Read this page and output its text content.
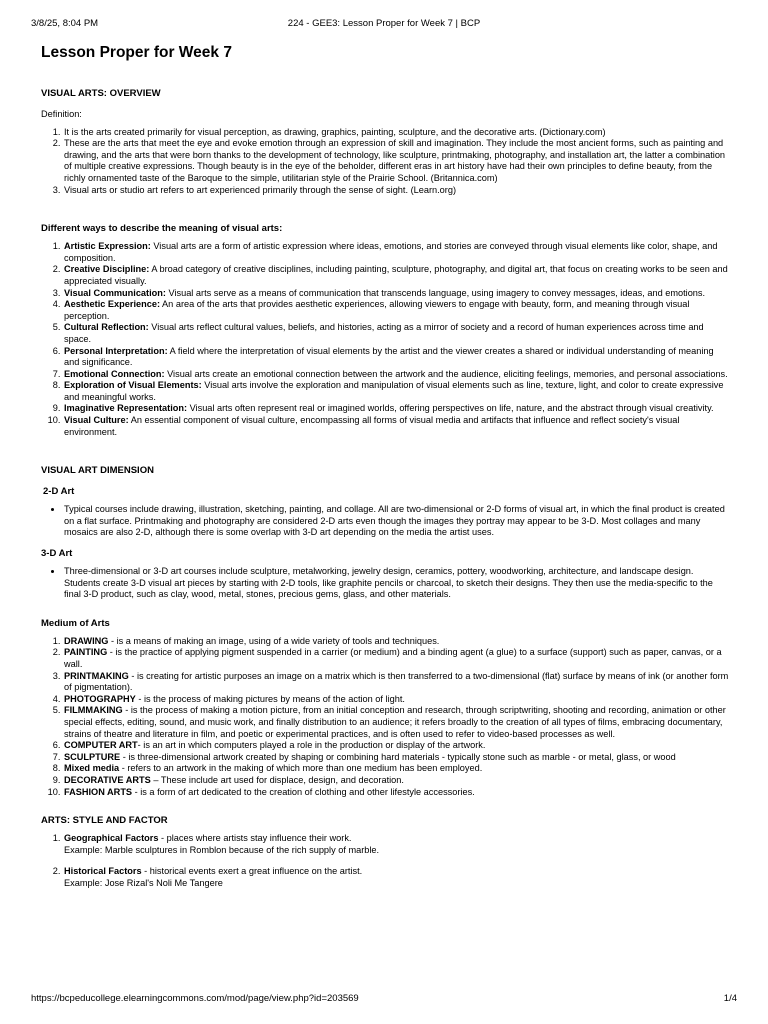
3/8/25, 8:04 PM	224 - GEE3: Lesson Proper for Week 7 | BCP
Lesson Proper for Week 7
VISUAL ARTS: OVERVIEW

Definition:

1. It is the arts created primarily for visual perception, as drawing, graphics, painting, sculpture, and the decorative arts. (Dictionary.com)
2. These are the arts that meet the eye and evoke emotion through an expression of skill and imagination. They include the most ancient forms, such as painting and drawing, and the arts that were born thanks to the development of technology, like sculpture, printmaking, photography, and installation art, the latter a combination of multiple creative expressions. Though beauty is in the eye of the beholder, different eras in art history have had their own principles to define beauty, from the richly ornamented taste of the Baroque to the simple, utilitarian style of the Prairie School. (Britannica.com)
3. Visual arts or studio art refers to art experienced primarily through the sense of sight. (Learn.org)
Different ways to describe the meaning of visual arts:
1. Artistic Expression: Visual arts are a form of artistic expression where ideas, emotions, and stories are conveyed through visual elements like color, shape, and composition.
2. Creative Discipline: A broad category of creative disciplines, including painting, sculpture, photography, and digital art, that focus on creating works to be seen and appreciated visually.
3. Visual Communication: Visual arts serve as a means of communication that transcends language, using imagery to convey messages, ideas, and emotions.
4. Aesthetic Experience: An area of the arts that provides aesthetic experiences, allowing viewers to engage with beauty, form, and meaning through visual perception.
5. Cultural Reflection: Visual arts reflect cultural values, beliefs, and histories, acting as a mirror of society and a record of human experiences across time and space.
6. Personal Interpretation: A field where the interpretation of visual elements by the artist and the viewer creates a shared or individual understanding of meaning and significance.
7. Emotional Connection: Visual arts create an emotional connection between the artwork and the audience, eliciting feelings, memories, and personal associations.
8. Exploration of Visual Elements: Visual arts involve the exploration and manipulation of visual elements such as line, texture, light, and color to create expressive and meaningful works.
9. Imaginative Representation: Visual arts often represent real or imagined worlds, offering perspectives on life, nature, and the abstract through visual creativity.
10. Visual Culture: An essential component of visual culture, encompassing all forms of visual media and artifacts that influence and reflect society's visual environment.
VISUAL ART DIMENSION
2-D Art
• Typical courses include drawing, illustration, sketching, painting, and collage. All are two-dimensional or 2-D forms of visual art, in which the final product is created on a flat surface. Printmaking and photography are considered 2-D arts even though the images they portray may appear to be 3-D. Most collages and many mosaics are also 2-D, although there is some overlap with 3-D art depending on the media the artist uses.
3-D Art
• Three-dimensional or 3-D art courses include sculpture, metalworking, jewelry design, ceramics, pottery, woodworking, architecture, and landscape design. Students create 3-D visual art pieces by starting with 2-D tools, like graphite pencils or charcoal, to sketch their designs. They then use the media-specific to the final 3-D product, such as clay, wood, metal, stones, precious gems, glass, and other materials.
Medium of Arts
1. DRAWING - is a means of making an image, using of a wide variety of tools and techniques.
2. PAINTING - is the practice of applying pigment suspended in a carrier (or medium) and a binding agent (a glue) to a surface (support) such as paper, canvas, or a wall.
3. PRINTMAKING - is creating for artistic purposes an image on a matrix which is then transferred to a two-dimensional (flat) surface by means of ink (or another form of pigmentation).
4. PHOTOGRAPHY - is the process of making pictures by means of the action of light.
5. FILMMAKING - is the process of making a motion picture, from an initial conception and research, through scriptwriting, shooting and recording, animation or other special effects, editing, sound, and music work, and finally distribution to an audience; it refers broadly to the creation of all types of films, embracing documentary, strains of theatre and literature in film, and poetic or experimental practices, and is often used to refer to video-based processes as well.
6. COMPUTER ART- is an art in which computers played a role in the production or display of the artwork.
7. SCULPTURE - is three-dimensional artwork created by shaping or combining hard materials - typically stone such as marble - or metal, glass, or wood
8. Mixed media - refers to an artwork in the making of which more than one medium has been employed.
9. DECORATIVE ARTS – These include art used for displace, design, and decoration.
10. FASHION ARTS - is a form of art dedicated to the creation of clothing and other lifestyle accessories.
ARTS: STYLE AND FACTOR
1. Geographical Factors - places where artists stay influence their work.
Example: Marble sculptures in Romblon because of the rich supply of marble.
2. Historical Factors - historical events exert a great influence on the artist.
Example: Jose Rizal's Noli Me Tangere
https://bcpeducollege.elearningcommons.com/mod/page/view.php?id=203569	1/4
